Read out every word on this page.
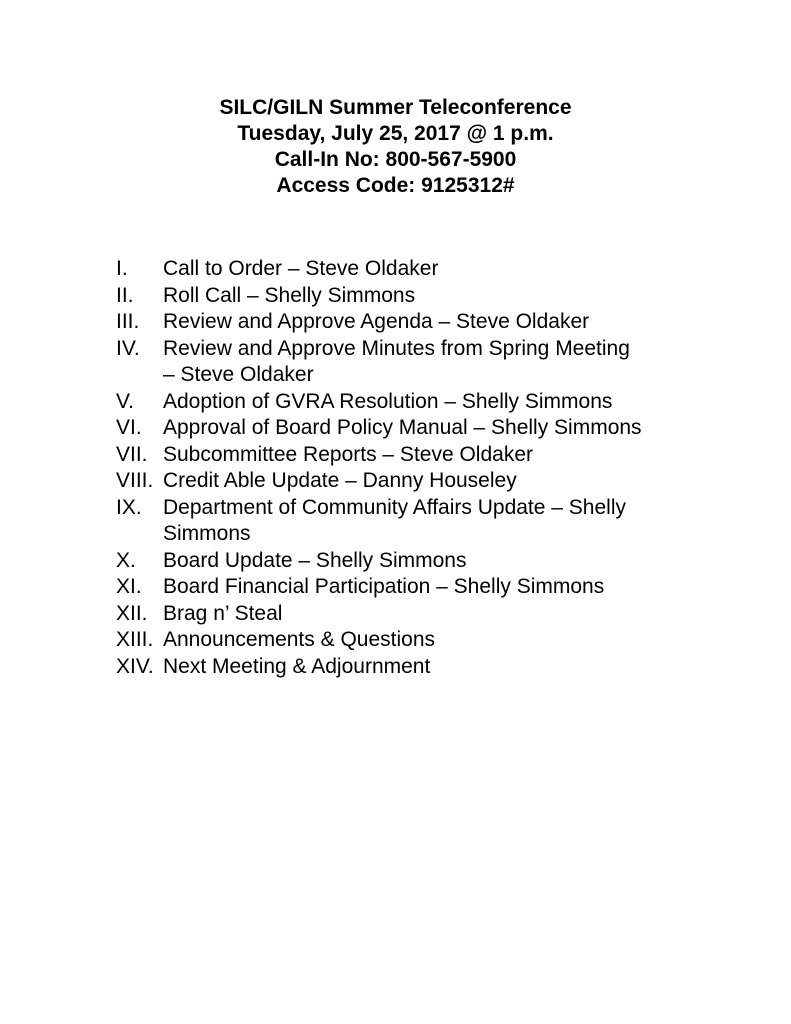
SILC/GILN Summer Teleconference
Tuesday, July 25, 2017 @ 1 p.m.
Call-In No: 800-567-5900
Access Code: 9125312#
I. Call to Order – Steve Oldaker
II. Roll Call – Shelly Simmons
III. Review and Approve Agenda – Steve Oldaker
IV. Review and Approve Minutes from Spring Meeting
– Steve Oldaker
V. Adoption of GVRA Resolution – Shelly Simmons
VI. Approval of Board Policy Manual – Shelly Simmons
VII. Subcommittee Reports – Steve Oldaker
VIII. Credit Able Update – Danny Houseley
IX. Department of Community Affairs Update – Shelly
Simmons
X. Board Update – Shelly Simmons
XI. Board Financial Participation – Shelly Simmons
XII. Brag n’ Steal
XIII. Announcements & Questions
XIV. Next Meeting & Adjournment
